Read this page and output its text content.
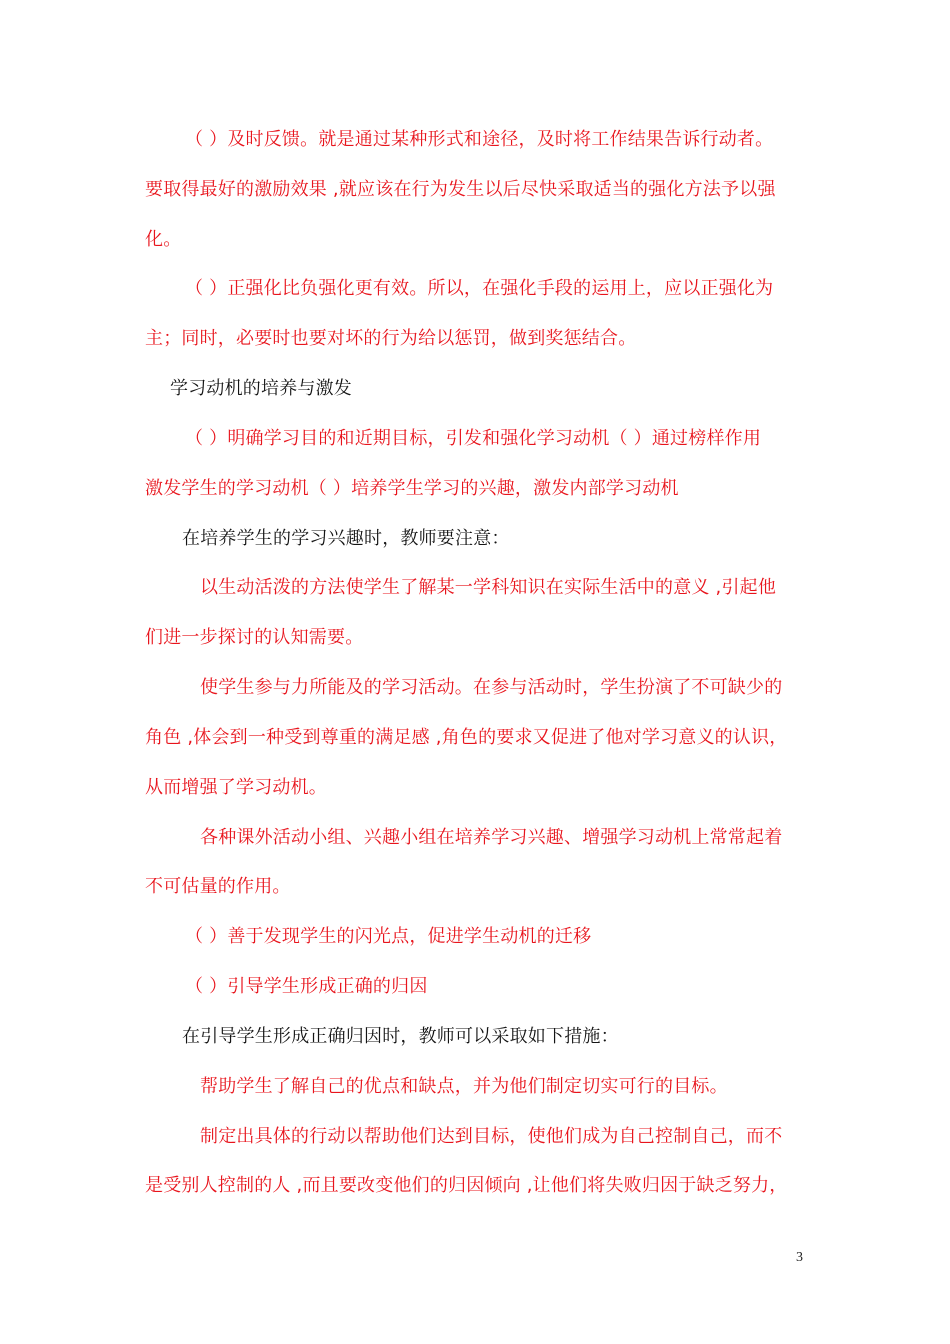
（ ）及时反馈。就是通过某种形式和途径，及时将工作结果告诉行动者。
要取得最好的激励效果 ,就应该在行为发生以后尽快采取适当的强化方法予以强
化。
（ ）正强化比负强化更有效。所以，在强化手段的运用上，应以正强化为
主；同时，必要时也要对坏的行为给以惩罚，做到奖惩结合。
学习动机的培养与激发
（ ）明确学习目的和近期目标，引发和强化学习动机（ ）通过榜样作用
激发学生的学习动机（ ）培养学生学习的兴趣，激发内部学习动机
在培养学生的学习兴趣时，教师要注意：
以生动活泼的方法使学生了解某一学科知识在实际生活中的意义 ,引起他
们进一步探讨的认知需要。
使学生参与力所能及的学习活动。在参与活动时，学生扮演了不可缺少的
角色 ,体会到一种受到尊重的满足感 ,角色的要求又促进了他对学习意义的认识，
从而增强了学习动机。
各种课外活动小组、兴趣小组在培养学习兴趣、增强学习动机上常常起着
不可估量的作用。
（ ）善于发现学生的闪光点，促进学生动机的迁移
（ ）引导学生形成正确的归因
在引导学生形成正确归因时，教师可以采取如下措施：
帮助学生了解自己的优点和缺点，并为他们制定切实可行的目标。
制定出具体的行动以帮助他们达到目标，使他们成为自己控制自己，而不
是受别人控制的人 ,而且要改变他们的归因倾向 ,让他们将失败归因于缺乏努力，
3
